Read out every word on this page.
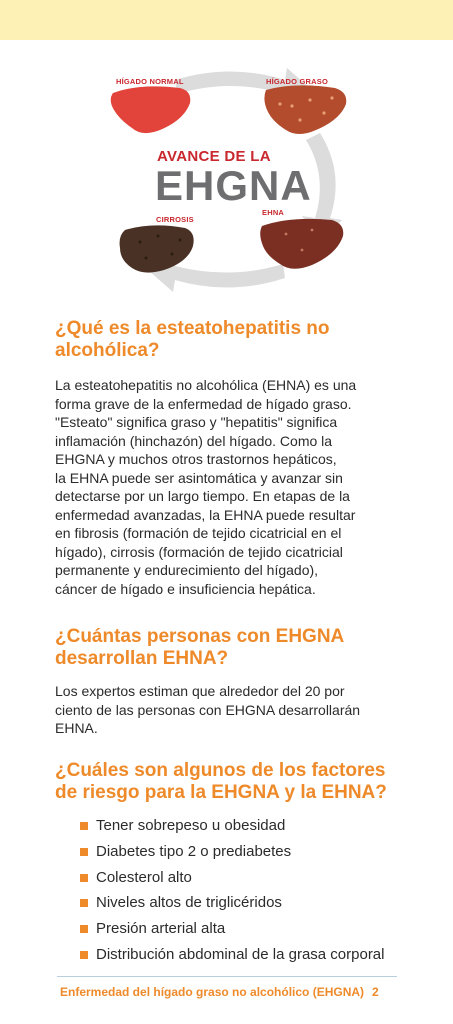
HÍGADO NORMAL	HÍGADO GRASO
CIRROSIS
EHNA
AVANCE DE LA
EHGNA
¿Qué es la esteatohepatitis no
alcohólica?
La esteatohepatitis no alcohólica (EHNA) es una
forma grave de la enfermedad de hígado graso.
"Esteato" significa graso y "hepatitis" significa
inflamación (hinchazón) del hígado. Como la
EHGNA y muchos otros trastornos hepáticos,
la EHNA puede ser asintomática y avanzar sin
detectarse por un largo tiempo. En etapas de la
enfermedad avanzadas, la EHNA puede resultar
en fibrosis (formación de tejido cicatricial en el
hígado), cirrosis (formación de tejido cicatricial
permanente y endurecimiento del hígado),
cáncer de hígado e insuficiencia hepática.
¿Cuántas personas con EHGNA
desarrollan EHNA?
Los expertos estiman que alrededor del 20 por
ciento de las personas con EHGNA desarrollarán
EHNA.
¿Cuáles son algunos de los factores
de riesgo para la EHGNA y la EHNA?
Tener sobrepeso u obesidad
Diabetes tipo 2 o prediabetes
Colesterol alto
Niveles altos de triglicéridos
Presión arterial alta
Distribución abdominal de la grasa corporal
Enfermedad del hígado graso no alcohólico (EHGNA) 2
